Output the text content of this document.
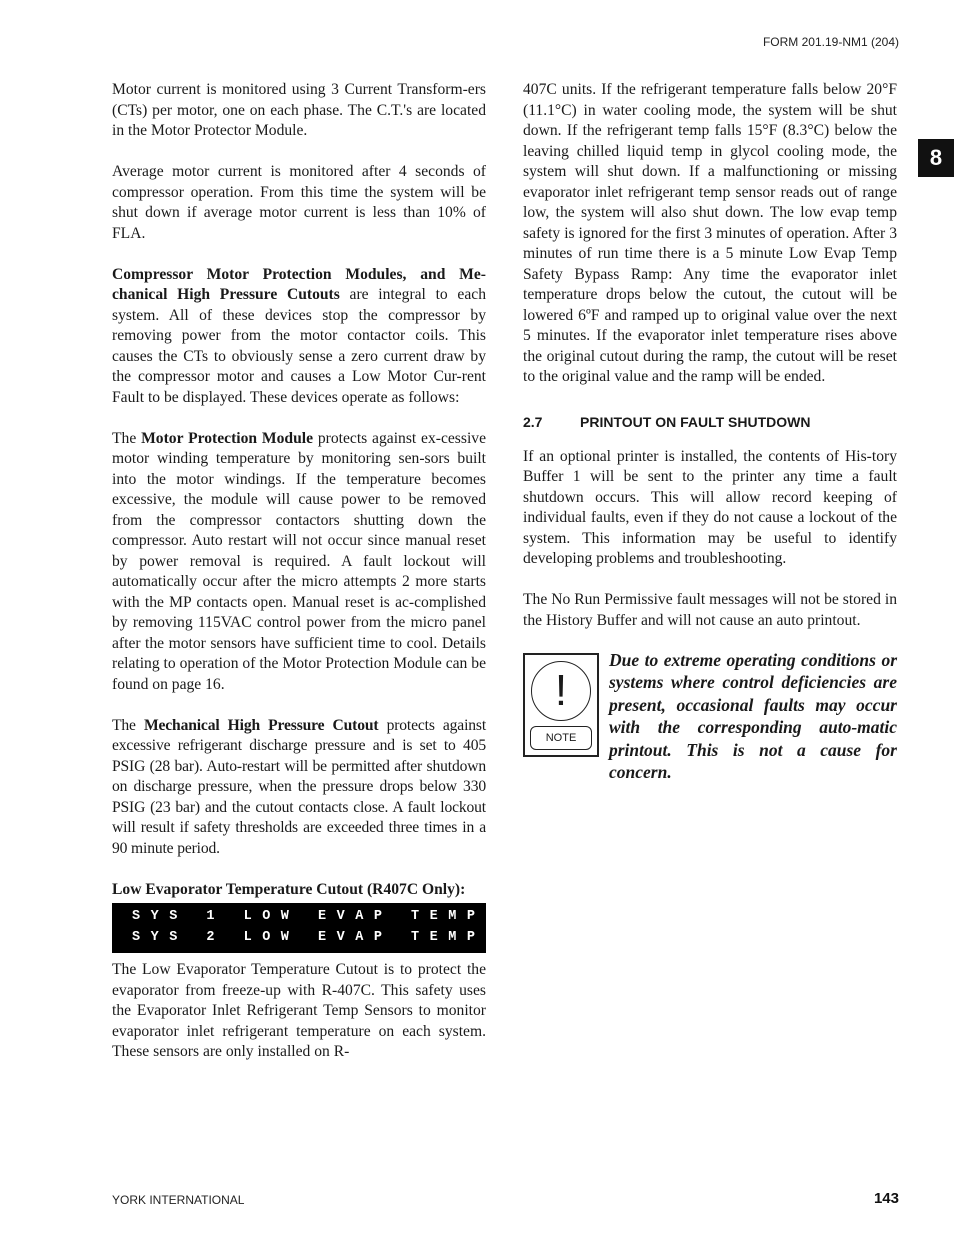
FORM 201.19-NM1 (204)
8

Motor current is monitored using 3 Current Transform-ers (CTs) per motor, one on each phase. The C.T.'s are located in the Motor Protector Module.

Average motor current is monitored after 4 seconds of compressor operation. From this time the system will be shut down if average motor current is less than 10% of FLA.

Compressor Motor Protection Modules, and Me-chanical High Pressure Cutouts are integral to each system. All of these devices stop the compressor by removing power from the motor contactor coils. This causes the CTs to obviously sense a zero current draw by the compressor motor and causes a Low Motor Cur-rent Fault to be displayed. These devices operate as follows:

The Motor Protection Module protects against ex-cessive motor winding temperature by monitoring sen-sors built into the motor windings. If the temperature becomes excessive, the module will cause power to be removed from the compressor contactors shutting down the compressor. Auto restart will not occur since manual reset by power removal is required. A fault lockout will automatically occur after the micro attempts 2 more starts with the MP contacts open. Manual reset is ac-complished by removing 115VAC control power from the micro panel after the motor sensors have sufficient time to cool. Details relating to operation of the Motor Protection Module can be found on page 16.

The Mechanical High Pressure Cutout protects against excessive refrigerant discharge pressure and is set to 405 PSIG (28 bar). Auto-restart will be permitted after shutdown on discharge pressure, when the pressure drops below 330 PSIG (23 bar) and the cutout contacts close. A fault lockout will result if safety thresholds are exceeded three times in a 90 minute period.

Low Evaporator Temperature Cutout (R407C Only):
SYS 1 LOW EVAP TEMP
SYS 2 LOW EVAP TEMP

The Low Evaporator Temperature Cutout is to protect the evaporator from freeze-up with R-407C. This safety uses the Evaporator Inlet Refrigerant Temp Sensors to monitor evaporator inlet refrigerant temperature on each system. These sensors are only installed on R-

407C units. If the refrigerant temperature falls below 20°F (11.1°C) in water cooling mode, the system will be shut down. If the refrigerant temp falls 15°F (8.3°C) below the leaving chilled liquid temp in glycol cooling mode, the system will shut down. If a malfunctioning or missing evaporator inlet refrigerant temp sensor reads out of range low, the system will also shut down. The low evap temp safety is ignored for the first 3 minutes of operation. After 3 minutes of run time there is a 5 minute Low Evap Temp Safety Bypass Ramp: Any time the evaporator inlet temperature drops below the cutout, the cutout will be lowered 6ºF and ramped up to original value over the next 5 minutes. If the evaporator inlet temperature rises above the original cutout during the ramp, the cutout will be reset to the original value and the ramp will be ended.

2.7	PRINTOUT ON FAULT SHUTDOWN

If an optional printer is installed, the contents of His-tory Buffer 1 will be sent to the printer any time a fault shutdown occurs. This will allow record keeping of individual faults, even if they do not cause a lockout of the system. This information may be useful to identify developing problems and troubleshooting.

The No Run Permissive fault messages will not be stored in the History Buffer and will not cause an auto printout.

!
NOTE
Due to extreme operating conditions or systems where control deficiencies are present, occasional faults may occur with the corresponding auto-matic printout. This is not a cause for concern.
YORK INTERNATIONAL	143
